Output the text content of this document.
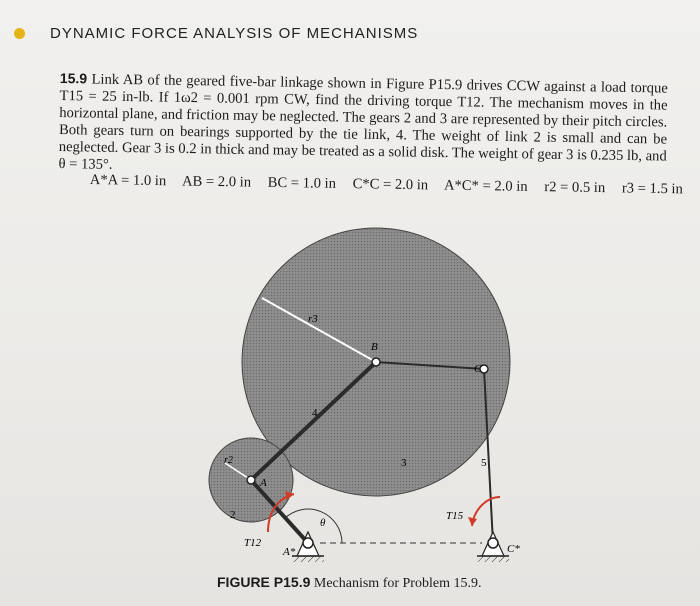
DYNAMIC FORCE ANALYSIS OF MECHANISMS
15.9 Link AB of the geared five-bar linkage shown in Figure P15.9 drives CCW against a load torque T15 = 25 in-lb. If 1ω2 = 0.001 rpm CW, find the driving torque T12. The mechanism moves in the horizontal plane, and friction may be neglected. The gears 2 and 3 are represented by their pitch circles. Both gears turn on bearings supported by the tie link, 4. The weight of link 2 is small and can be neglected. Gear 3 is 0.2 in thick and may be treated as a solid disk. The weight of gear 3 is 0.235 lb, and θ = 135°.
A*A = 1.0 in AB = 2.0 in BC = 1.0 in C*C = 2.0 in A*C* = 2.0 in r2 = 0.5 in r3 = 1.5 in
r3
B
C
4
3	5
r2
A
2
θ
T15
T12
A*	C*
FIGURE P15.9 Mechanism for Problem 15.9.
